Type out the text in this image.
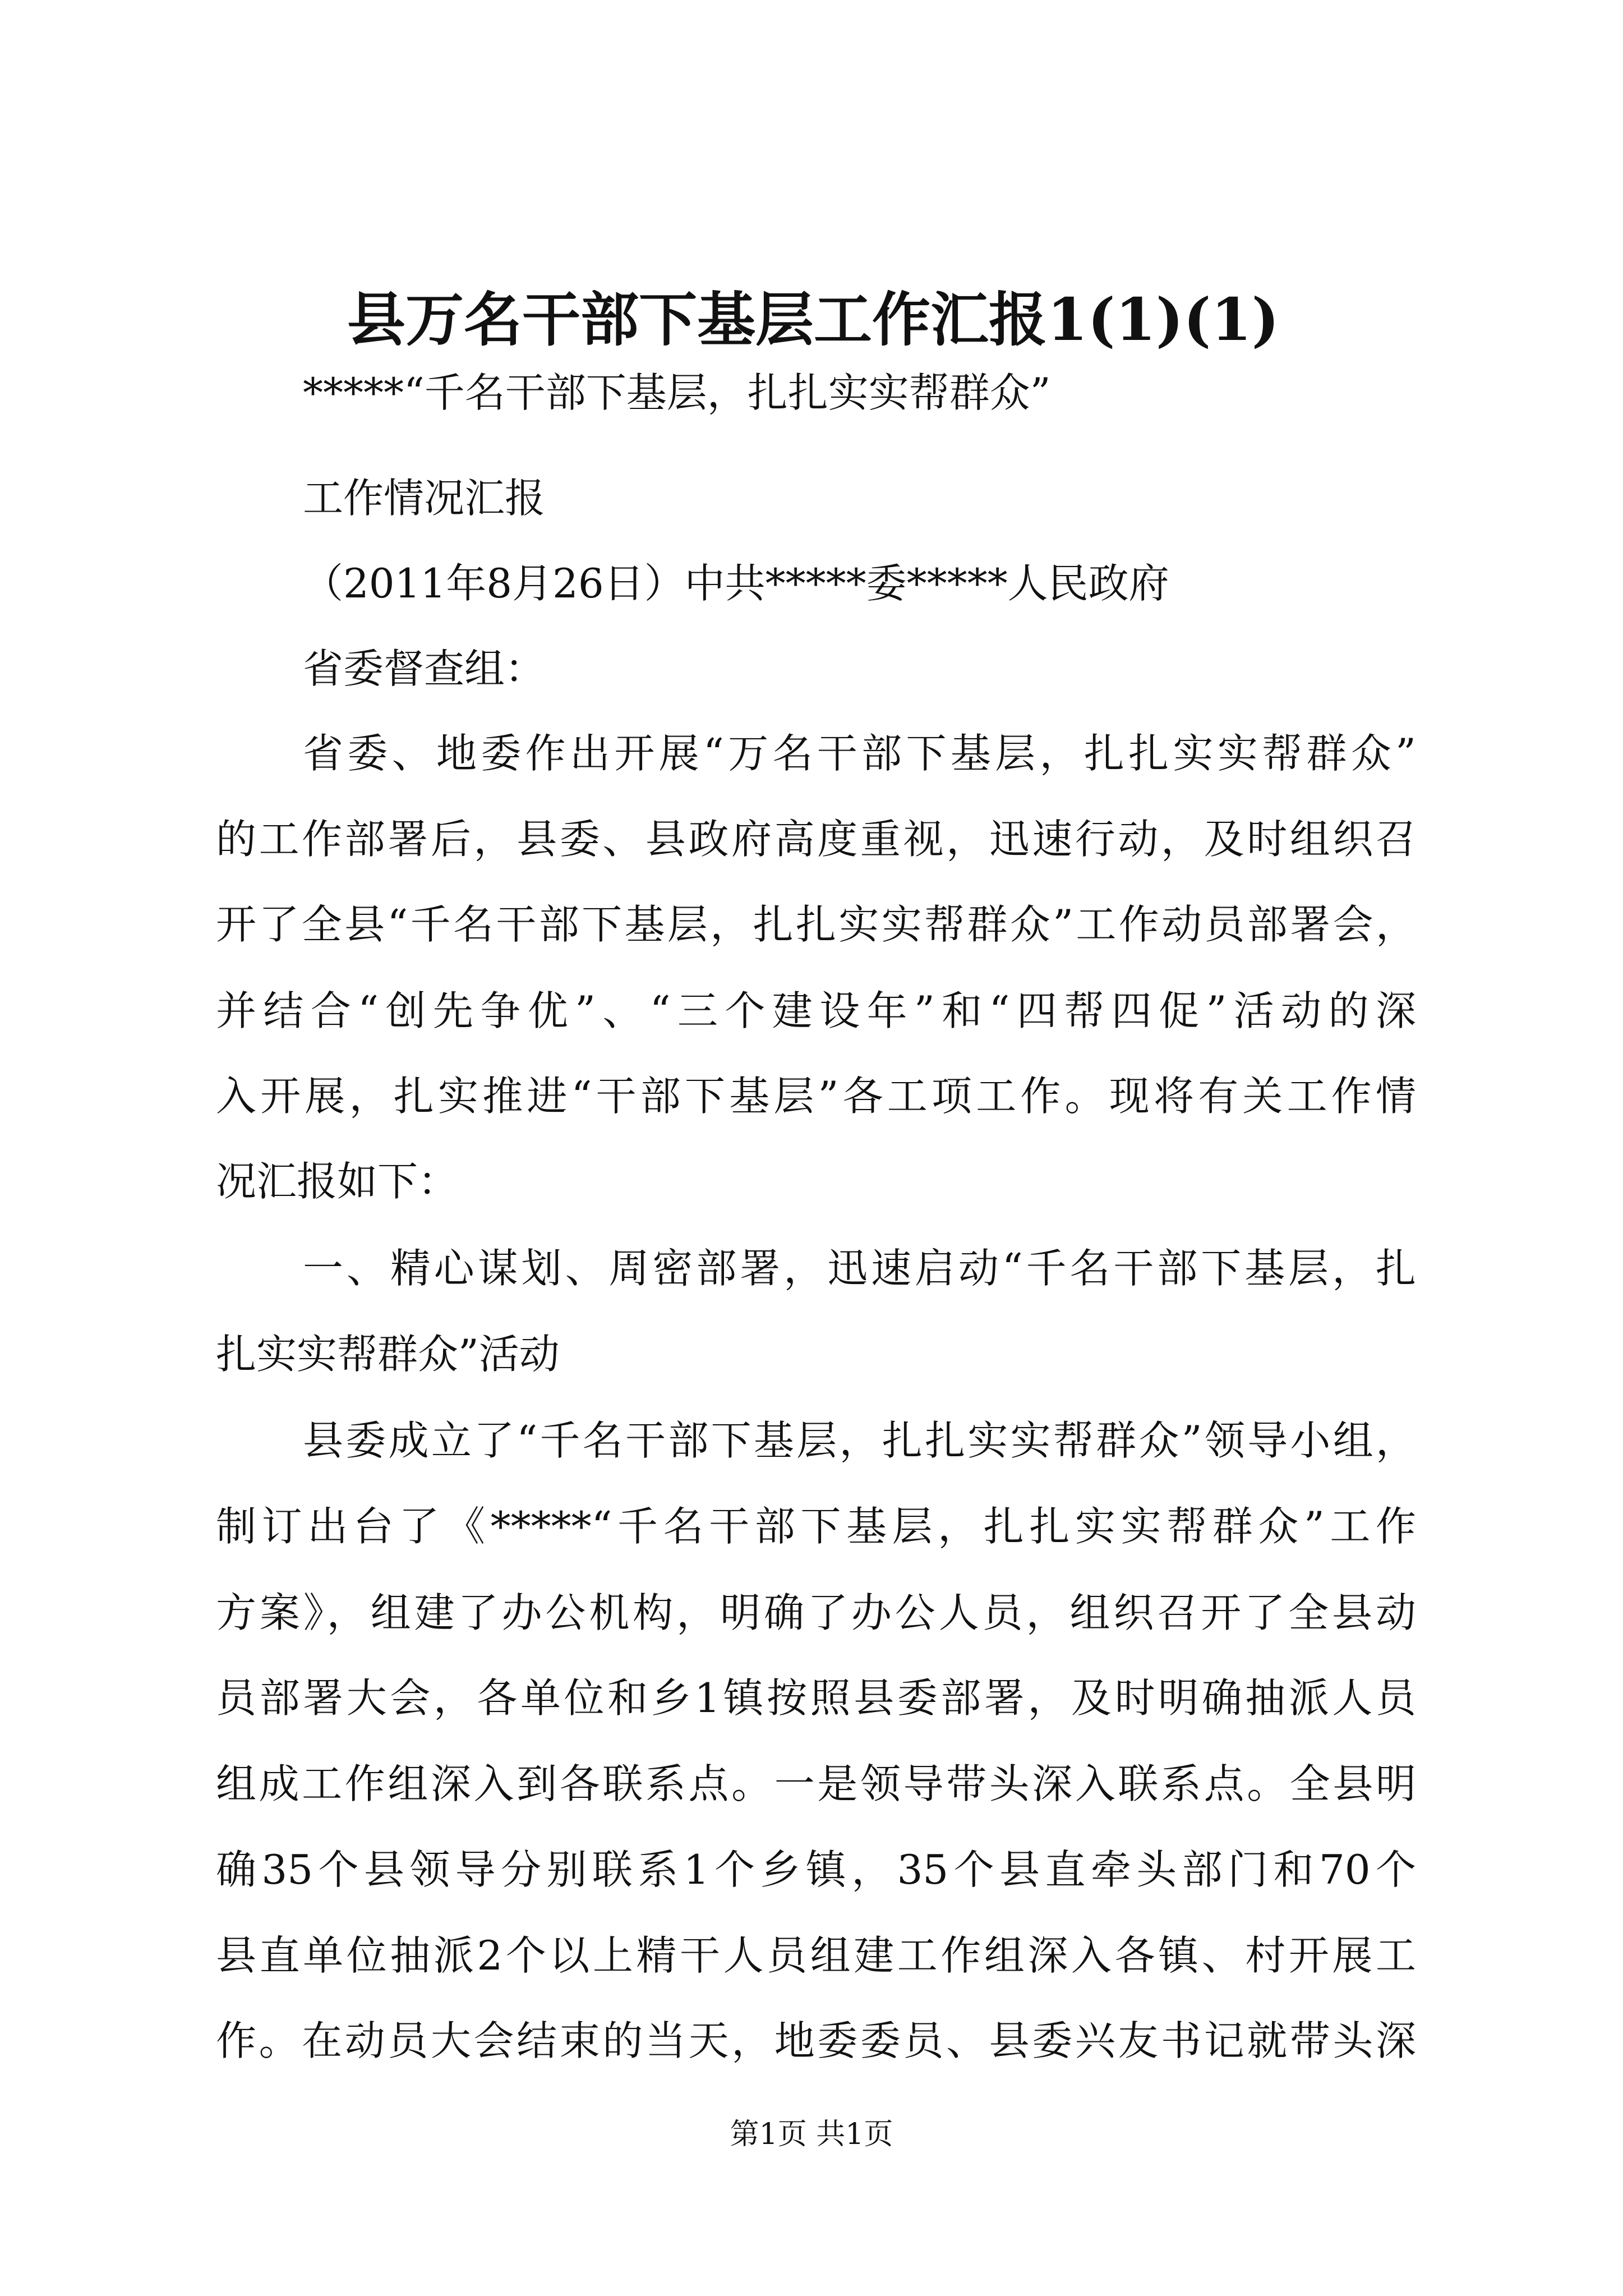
县万名干部下基层工作汇报1(1)(1)

*****“千名干部下基层，扎扎实实帮群众”

工作情况汇报

（2011年8月26日）中共*****委*****人民政府

省委督查组：

省委、地委作出开展“万名干部下基层，扎扎实实帮群众”

的工作部署后，县委、县政府高度重视，迅速行动，及时组织召

开了全县“千名干部下基层，扎扎实实帮群众”工作动员部署会，

并结合“创先争优”、“三个建设年”和“四帮四促”活动的深

入开展，扎实推进“干部下基层”各工项工作。现将有关工作情

况汇报如下：

一、精心谋划、周密部署，迅速启动“千名干部下基层，扎

扎实实帮群众”活动

县委成立了“千名干部下基层，扎扎实实帮群众”领导小组，

制订出台了《*****“千名干部下基层，扎扎实实帮群众”工作

方案》，组建了办公机构，明确了办公人员，组织召开了全县动

员部署大会，各单位和乡1镇按照县委部署，及时明确抽派人员

组成工作组深入到各联系点。一是领导带头深入联系点。全县明

确35个县领导分别联系1个乡镇，35个县直牵头部门和70个

县直单位抽派2个以上精干人员组建工作组深入各镇、村开展工

作。在动员大会结束的当天，地委委员、县委兴友书记就带头深

第1页 共1页
